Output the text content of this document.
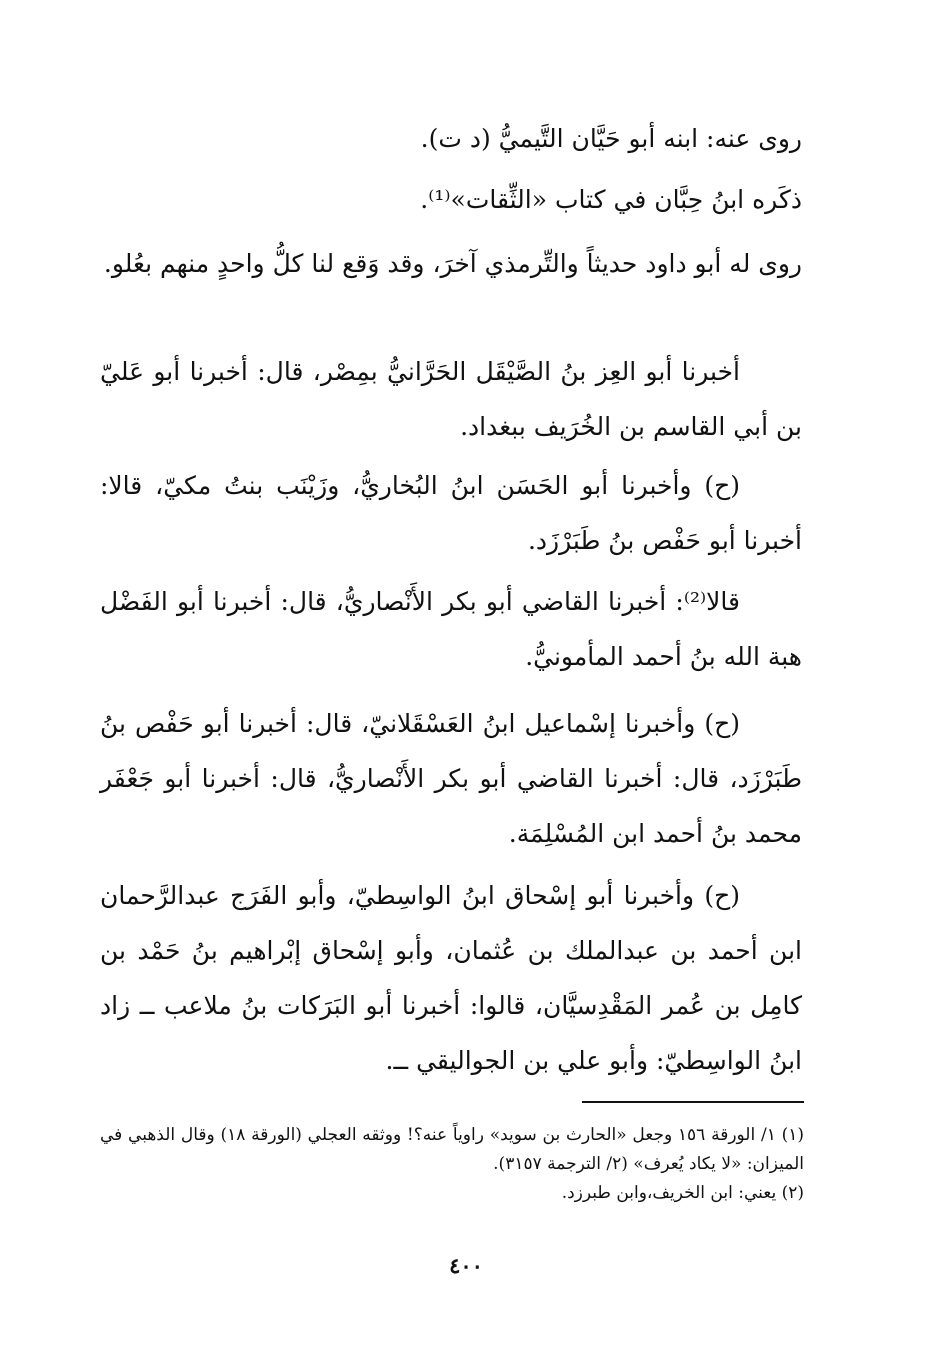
روى عنه: ابنه أبو حَيَّان التَّيميُّ (د ت).
ذكَره ابنُ حِبَّان في كتاب «الثِّقات»⁽¹⁾.

روى له أبو داود حديثاً والتِّرمذي آخرَ، وقد وَقع لنا كلُّ واحدٍ منهم بعُلو.

أخبرنا أبو العِز بنُ الصَّيْقَل الحَرَّانيُّ بمِصْر، قال: أخبرنا أبو عَليّ بن أبي القاسم بن الخُرَيف ببغداد.

(ح) وأخبرنا أبو الحَسَن ابنُ البُخاريُّ، وزَيْنَب بنتُ مكيّ، قالا: أخبرنا أبو حَفْص بنُ طَبَرْزَد.

قالا⁽²⁾: أخبرنا القاضي أبو بكر الأَنْصاريُّ، قال: أخبرنا أبو الفَضْل هبة الله بنُ أحمد المأمونيُّ.

(ح) وأخبرنا إسْماعيل ابنُ العَسْقَلانيّ، قال: أخبرنا أبو حَفْص بنُ طَبَرْزَد، قال: أخبرنا القاضي أبو بكر الأَنْصاريُّ، قال: أخبرنا أبو جَعْفَر محمد بنُ أحمد ابن المُسْلِمَة.

(ح) وأخبرنا أبو إسْحاق ابنُ الواسِطيّ، وأبو الفَرَج عبدالرَّحمان ابن أحمد بن عبدالملك بن عُثمان، وأبو إسْحاق إبْراهيم بنُ حَمْد بن كامِل بن عُمر المَقْدِسيَّان، قالوا: أخبرنا أبو البَرَكات بنُ ملاعب ــ زاد ابنُ الواسِطيّ: وأبو علي بن الجواليقي ــ.

(١) ١/ الورقة ١٥٦ وجعل «الحارث بن سويد» راوياً عنه؟! ووثقه العجلي (الورقة ١٨) وقال الذهبي في الميزان: «لا يكاد يُعرف» (٢/ الترجمة ٣١٥٧).

(٢) يعني: ابن الخريف،وابن طبرزد.

٤٠٠
